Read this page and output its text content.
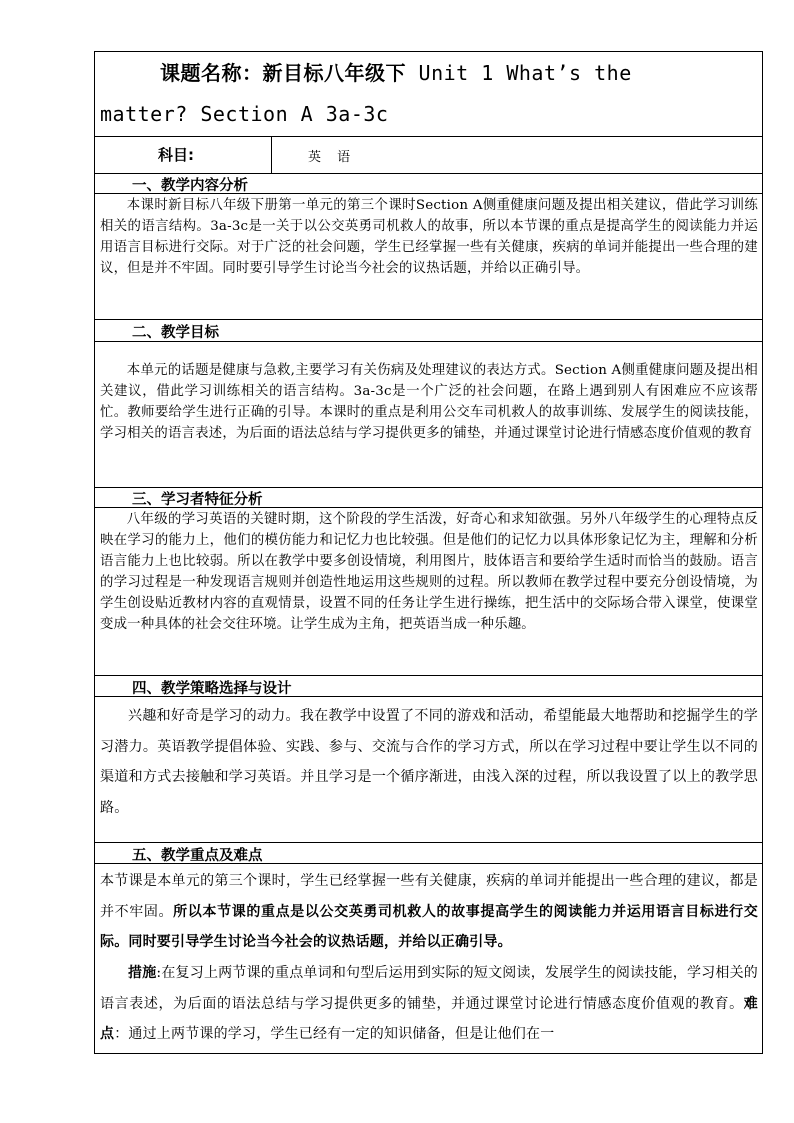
课题名称：新目标八年级下 Unit 1 What’s the
matter? Section A 3a-3c
科目:	英 语
一、教学内容分析
本课时新目标八年级下册第一单元的第三个课时Section A侧重健康问题及提出相关建议，借此学习训练相关的语言结构。3a-3c是一关于以公交英勇司机救人的故事，所以本节课的重点是提高学生的阅读能力并运用语言目标进行交际。对于广泛的社会问题，学生已经掌握一些有关健康，疾病的单词并能提出一些合理的建议，但是并不牢固。同时要引导学生讨论当今社会的议热话题，并给以正确引导。
二、教学目标
本单元的话题是健康与急救,主要学习有关伤病及处理建议的表达方式。Section A侧重健康问题及提出相关建议，借此学习训练相关的语言结构。3a-3c是一个广泛的社会问题，在路上遇到别人有困难应不应该帮忙。教师要给学生进行正确的引导。本课时的重点是利用公交车司机救人的故事训练、发展学生的阅读技能，学习相关的语言表述，为后面的语法总结与学习提供更多的铺垫，并通过课堂讨论进行情感态度价值观的教育
三、学习者特征分析
八年级的学习英语的关键时期，这个阶段的学生活泼，好奇心和求知欲强。另外八年级学生的心理特点反映在学习的能力上，他们的模仿能力和记忆力也比较强。但是他们的记忆力以具体形象记忆为主，理解和分析语言能力上也比较弱。所以在教学中要多创设情境，利用图片，肢体语言和要给学生适时而恰当的鼓励。语言的学习过程是一种发现语言规则并创造性地运用这些规则的过程。所以教师在教学过程中要充分创设情境，为学生创设贴近教材内容的直观情景，设置不同的任务让学生进行操练，把生活中的交际场合带入课堂，使课堂变成一种具体的社会交往环境。让学生成为主角，把英语当成一种乐趣。
四、教学策略选择与设计
兴趣和好奇是学习的动力。我在教学中设置了不同的游戏和活动，希望能最大地帮助和挖掘学生的学习潜力。英语教学提倡体验、实践、参与、交流与合作的学习方式，所以在学习过程中要让学生以不同的渠道和方式去接触和学习英语。并且学习是一个循序渐进，由浅入深的过程，所以我设置了以上的教学思路。
五、教学重点及难点
本节课是本单元的第三个课时，学生已经掌握一些有关健康，疾病的单词并能提出一些合理的建议，都是并不牢固。所以本节课的重点是以公交英勇司机救人的故事提高学生的阅读能力并运用语言目标进行交际。同时要引导学生讨论当今社会的议热话题，并给以正确引导。
措施:在复习上两节课的重点单词和句型后运用到实际的短文阅读，发展学生的阅读技能，学习相关的语言表述，为后面的语法总结与学习提供更多的铺垫，并通过课堂讨论进行情感态度价值观的教育。难点：通过上两节课的学习，学生已经有一定的知识储备，但是让他们在一
